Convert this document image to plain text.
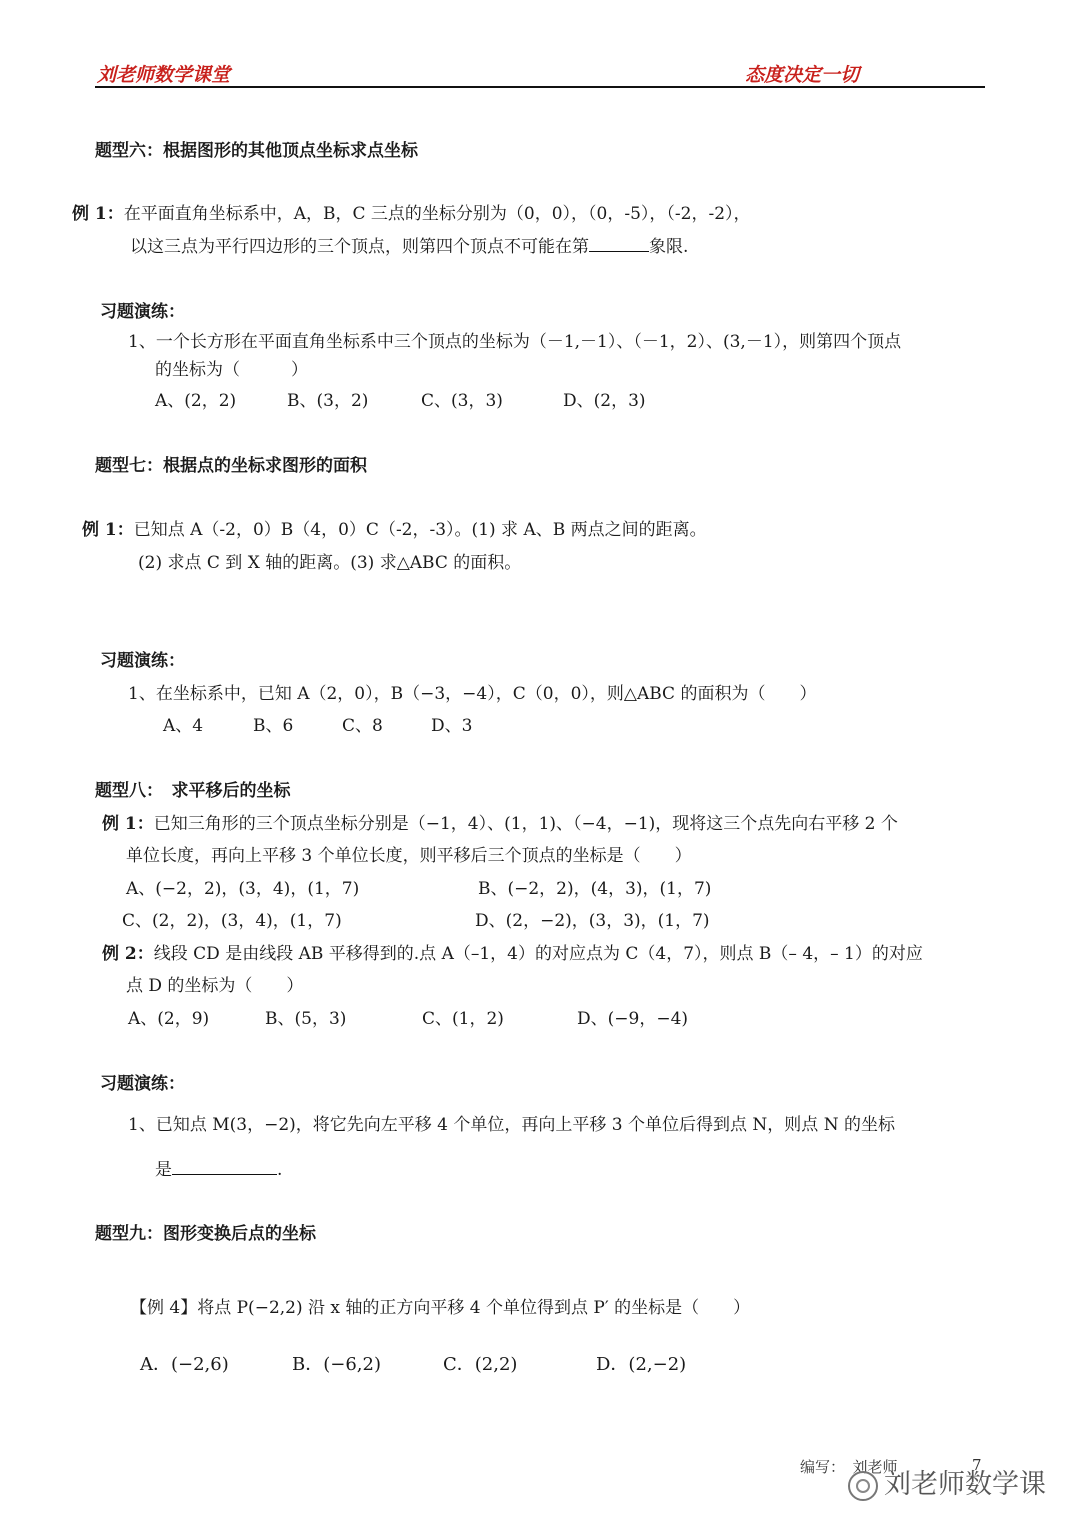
刘老师数学课堂	态度决定一切
题型六：根据图形的其他顶点坐标求点坐标
例 1：在平面直角坐标系中，A，B，C 三点的坐标分别为（0，0），（0，-5），（-2，-2），
以这三点为平行四边形的三个顶点，则第四个顶点不可能在第	象限.
习题演练：
1、一个长方形在平面直角坐标系中三个顶点的坐标为（－1,－1）、（－1，2）、(3,－1），则第四个顶点
的坐标为（　　　）
A、(2，2)	B、(3，2)	C、(3，3)	D、(2，3)
题型七：根据点的坐标求图形的面积
例 1：已知点 A（-2，0）B（4，0）C（-2，-3）。(1) 求 A、B 两点之间的距离。
(2) 求点 C 到 X 轴的距离。(3) 求△ABC 的面积。
习题演练：
1、在坐标系中，已知 A（2，0），B（−3，−4），C（0，0），则△ABC 的面积为（　　）
A、4	B、6	C、8	D、3
题型八：　求平移后的坐标
例 1：已知三角形的三个顶点坐标分别是（−1，4）、(1，1)、（−4，−1)，现将这三个点先向右平移 2 个
单位长度，再向上平移 3 个单位长度，则平移后三个顶点的坐标是（　　）
A、(−2，2)，(3，4)，(1，7)	B、(−2，2)，(4，3)，(1，7)
C、(2，2)，(3，4)，(1，7)	D、(2，−2)，(3，3)，(1，7)
例 2：线段 CD 是由线段 AB 平移得到的.点 A（–1，4）的对应点为 C（4，7），则点 B（– 4，– 1）的对应
点 D 的坐标为（　　）
A、(2，9)	B、(5，3)	C、(1，2)	D、(−9，−4)
习题演练：
1、已知点 M(3，−2)，将它先向左平移 4 个单位，再向上平移 3 个单位后得到点 N，则点 N 的坐标
是	.
题型九：图形变换后点的坐标
【例 4】将点 P(−2,2) 沿 x 轴的正方向平移 4 个单位得到点 P′ 的坐标是（　　）
A．(−2,6)	B．(−6,2)	C．(2,2)	D．(2,−2)
编写：　刘老师	7
刘老师数学课
